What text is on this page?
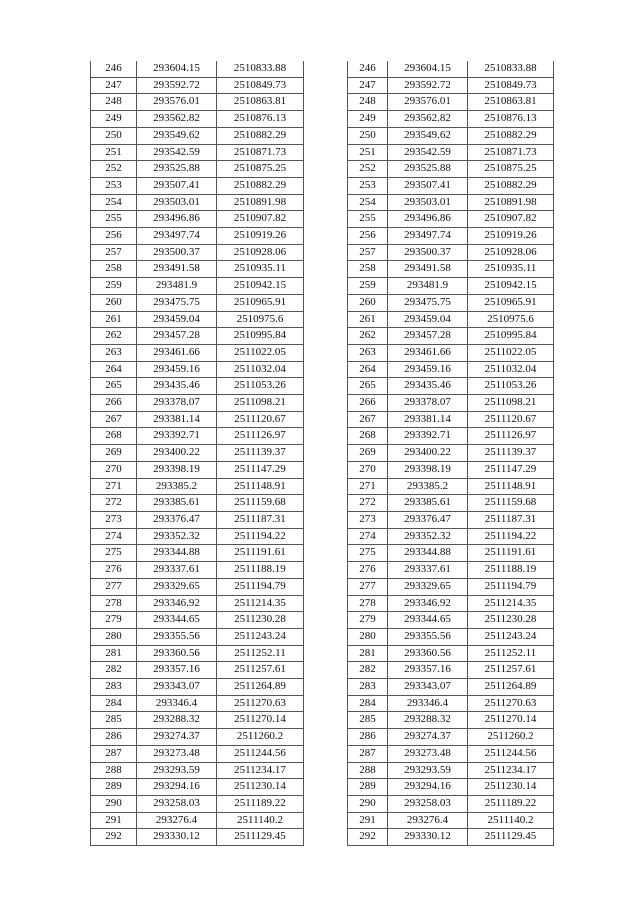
246	293604.15	2510833.88
247	293592.72	2510849.73
248	293576.01	2510863.81
249	293562.82	2510876.13
250	293549.62	2510882.29
251	293542.59	2510871.73
252	293525.88	2510875.25
253	293507.41	2510882.29
254	293503.01	2510891.98
255	293496.86	2510907.82
256	293497.74	2510919.26
257	293500.37	2510928.06
258	293491.58	2510935.11
259	293481.9	2510942.15
260	293475.75	2510965.91
261	293459.04	2510975.6
262	293457.28	2510995.84
263	293461.66	2511022.05
264	293459.16	2511032.04
265	293435.46	2511053.26
266	293378.07	2511098.21
267	293381.14	2511120.67
268	293392.71	2511126.97
269	293400.22	2511139.37
270	293398.19	2511147.29
271	293385.2	2511148.91
272	293385.61	2511159.68
273	293376.47	2511187.31
274	293352.32	2511194.22
275	293344.88	2511191.61
276	293337.61	2511188.19
277	293329.65	2511194.79
278	293346.92	2511214.35
279	293344.65	2511230.28
280	293355.56	2511243.24
281	293360.56	2511252.11
282	293357.16	2511257.61
283	293343.07	2511264.89
284	293346.4	2511270.63
285	293288.32	2511270.14
286	293274.37	2511260.2
287	293273.48	2511244.56
288	293293.59	2511234.17
289	293294.16	2511230.14
290	293258.03	2511189.22
291	293276.4	2511140.2
292	293330.12	2511129.45
246	293604.15	2510833.88
247	293592.72	2510849.73
248	293576.01	2510863.81
249	293562.82	2510876.13
250	293549.62	2510882.29
251	293542.59	2510871.73
252	293525.88	2510875.25
253	293507.41	2510882.29
254	293503.01	2510891.98
255	293496.86	2510907.82
256	293497.74	2510919.26
257	293500.37	2510928.06
258	293491.58	2510935.11
259	293481.9	2510942.15
260	293475.75	2510965.91
261	293459.04	2510975.6
262	293457.28	2510995.84
263	293461.66	2511022.05
264	293459.16	2511032.04
265	293435.46	2511053.26
266	293378.07	2511098.21
267	293381.14	2511120.67
268	293392.71	2511126.97
269	293400.22	2511139.37
270	293398.19	2511147.29
271	293385.2	2511148.91
272	293385.61	2511159.68
273	293376.47	2511187.31
274	293352.32	2511194.22
275	293344.88	2511191.61
276	293337.61	2511188.19
277	293329.65	2511194.79
278	293346.92	2511214.35
279	293344.65	2511230.28
280	293355.56	2511243.24
281	293360.56	2511252.11
282	293357.16	2511257.61
283	293343.07	2511264.89
284	293346.4	2511270.63
285	293288.32	2511270.14
286	293274.37	2511260.2
287	293273.48	2511244.56
288	293293.59	2511234.17
289	293294.16	2511230.14
290	293258.03	2511189.22
291	293276.4	2511140.2
292	293330.12	2511129.45
